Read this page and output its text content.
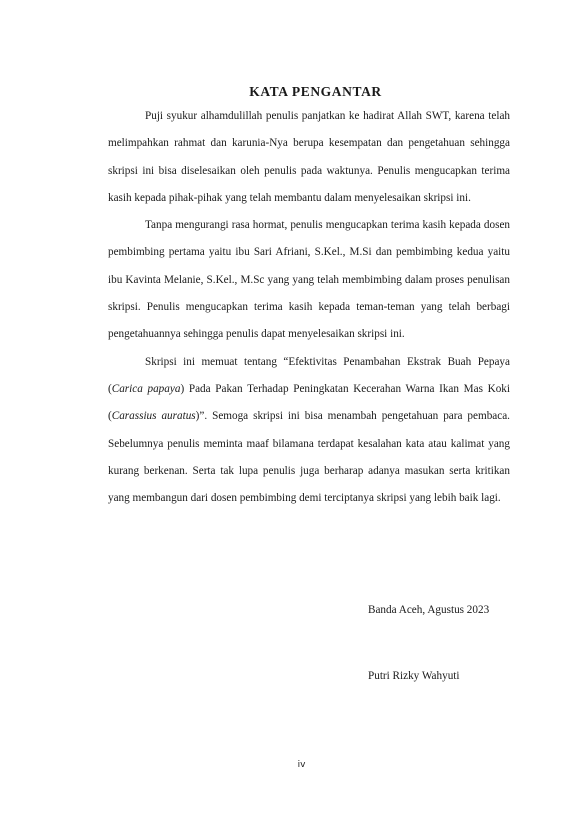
KATA PENGANTAR

Puji syukur alhamdulillah penulis panjatkan ke hadirat Allah SWT, karena telah melimpahkan rahmat dan karunia-Nya berupa kesempatan dan pengetahuan sehingga skripsi ini bisa diselesaikan oleh penulis pada waktunya. Penulis mengucapkan terima kasih kepada pihak-pihak yang telah membantu dalam menyelesaikan skripsi ini.

Tanpa mengurangi rasa hormat, penulis mengucapkan terima kasih kepada dosen pembimbing pertama yaitu ibu Sari Afriani, S.Kel., M.Si dan pembimbing kedua yaitu ibu Kavinta Melanie, S.Kel., M.Sc yang yang telah membimbing dalam proses penulisan skripsi. Penulis mengucapkan terima kasih kepada teman-teman yang telah berbagi pengetahuannya sehingga penulis dapat menyelesaikan skripsi ini.

Skripsi ini memuat tentang “Efektivitas Penambahan Ekstrak Buah Pepaya (Carica papaya) Pada Pakan Terhadap Peningkatan Kecerahan Warna Ikan Mas Koki (Carassius auratus)”. Semoga skripsi ini bisa menambah pengetahuan para pembaca. Sebelumnya penulis meminta maaf bilamana terdapat kesalahan kata atau kalimat yang kurang berkenan. Serta tak lupa penulis juga berharap adanya masukan serta kritikan yang membangun dari dosen pembimbing demi terciptanya skripsi yang lebih baik lagi.

Banda Aceh, Agustus 2023
Putri Rizky Wahyuti
iv
